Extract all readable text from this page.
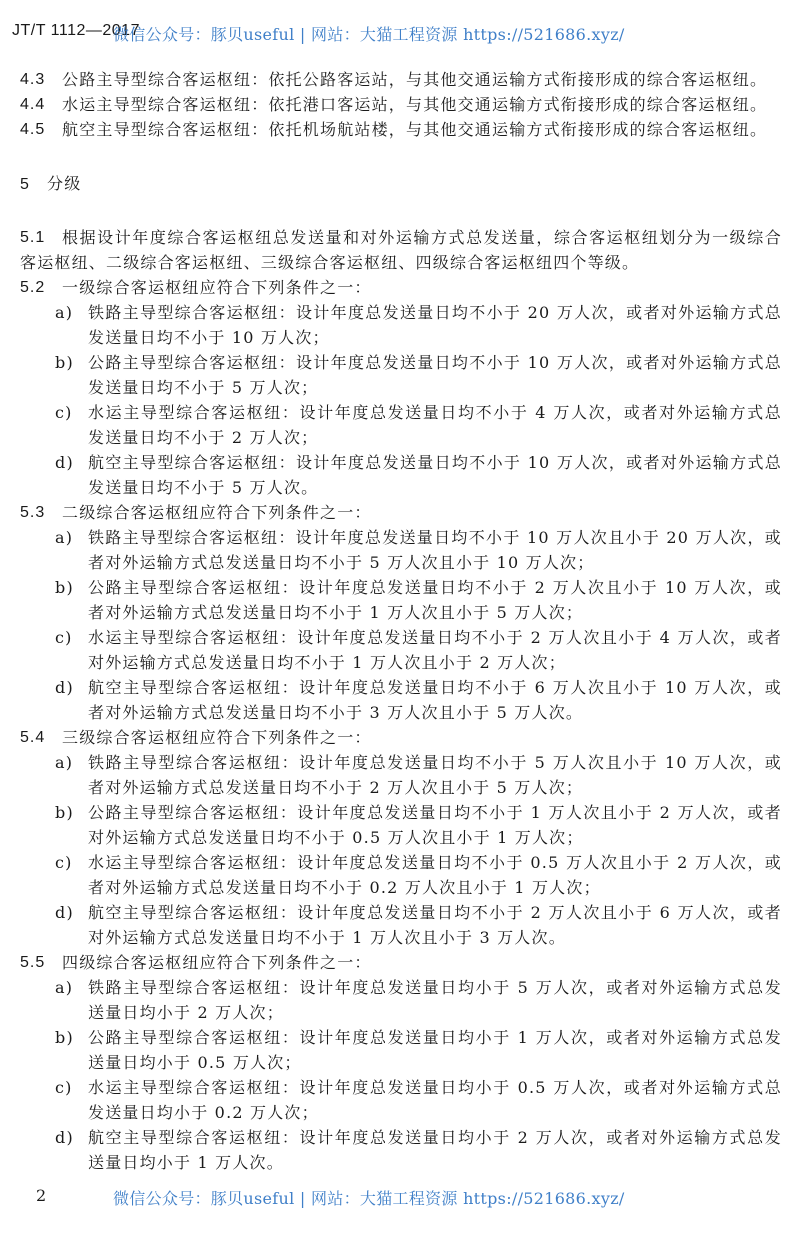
JT/T 1112—2017
微信公众号：豚贝useful | 网站：大猫工程资源 https://521686.xyz/
4.3 公路主导型综合客运枢纽：依托公路客运站，与其他交通运输方式衔接形成的综合客运枢纽。
4.4 水运主导型综合客运枢纽：依托港口客运站，与其他交通运输方式衔接形成的综合客运枢纽。
4.5 航空主导型综合客运枢纽：依托机场航站楼，与其他交通运输方式衔接形成的综合客运枢纽。
5 分级
5.1	根据设计年度综合客运枢纽总发送量和对外运输方式总发送量，综合客运枢纽划分为一级综合客运枢纽、二级综合客运枢纽、三级综合客运枢纽、四级综合客运枢纽四个等级。
5.2 一级综合客运枢纽应符合下列条件之一：
a) 铁路主导型综合客运枢纽：设计年度总发送量日均不小于 20 万人次，或者对外运输方式总发送量日均不小于 10 万人次；
b) 公路主导型综合客运枢纽：设计年度总发送量日均不小于 10 万人次，或者对外运输方式总发送量日均不小于 5 万人次；
c) 水运主导型综合客运枢纽：设计年度总发送量日均不小于 4 万人次，或者对外运输方式总发送量日均不小于 2 万人次；
d) 航空主导型综合客运枢纽：设计年度总发送量日均不小于 10 万人次，或者对外运输方式总发送量日均不小于 5 万人次。
5.3 二级综合客运枢纽应符合下列条件之一：
a) 铁路主导型综合客运枢纽：设计年度总发送量日均不小于 10 万人次且小于 20 万人次，或者对外运输方式总发送量日均不小于 5 万人次且小于 10 万人次；
b) 公路主导型综合客运枢纽：设计年度总发送量日均不小于 2 万人次且小于 10 万人次，或者对外运输方式总发送量日均不小于 1 万人次且小于 5 万人次；
c) 水运主导型综合客运枢纽：设计年度总发送量日均不小于 2 万人次且小于 4 万人次，或者对外运输方式总发送量日均不小于 1 万人次且小于 2 万人次；
d) 航空主导型综合客运枢纽：设计年度总发送量日均不小于 6 万人次且小于 10 万人次，或者对外运输方式总发送量日均不小于 3 万人次且小于 5 万人次。
5.4 三级综合客运枢纽应符合下列条件之一：
a) 铁路主导型综合客运枢纽：设计年度总发送量日均不小于 5 万人次且小于 10 万人次，或者对外运输方式总发送量日均不小于 2 万人次且小于 5 万人次；
b) 公路主导型综合客运枢纽：设计年度总发送量日均不小于 1 万人次且小于 2 万人次，或者对外运输方式总发送量日均不小于 0.5 万人次且小于 1 万人次；
c) 水运主导型综合客运枢纽：设计年度总发送量日均不小于 0.5 万人次且小于 2 万人次，或者对外运输方式总发送量日均不小于 0.2 万人次且小于 1 万人次；
d) 航空主导型综合客运枢纽：设计年度总发送量日均不小于 2 万人次且小于 6 万人次，或者对外运输方式总发送量日均不小于 1 万人次且小于 3 万人次。
5.5 四级综合客运枢纽应符合下列条件之一：
a) 铁路主导型综合客运枢纽：设计年度总发送量日均小于 5 万人次，或者对外运输方式总发送量日均小于 2 万人次；
b) 公路主导型综合客运枢纽：设计年度总发送量日均小于 1 万人次，或者对外运输方式总发送量日均小于 0.5 万人次；
c) 水运主导型综合客运枢纽：设计年度总发送量日均小于 0.5 万人次，或者对外运输方式总发送量日均小于 0.2 万人次；
d) 航空主导型综合客运枢纽：设计年度总发送量日均小于 2 万人次，或者对外运输方式总发送量日均小于 1 万人次。
2	微信公众号：豚贝useful | 网站：大猫工程资源 https://521686.xyz/
